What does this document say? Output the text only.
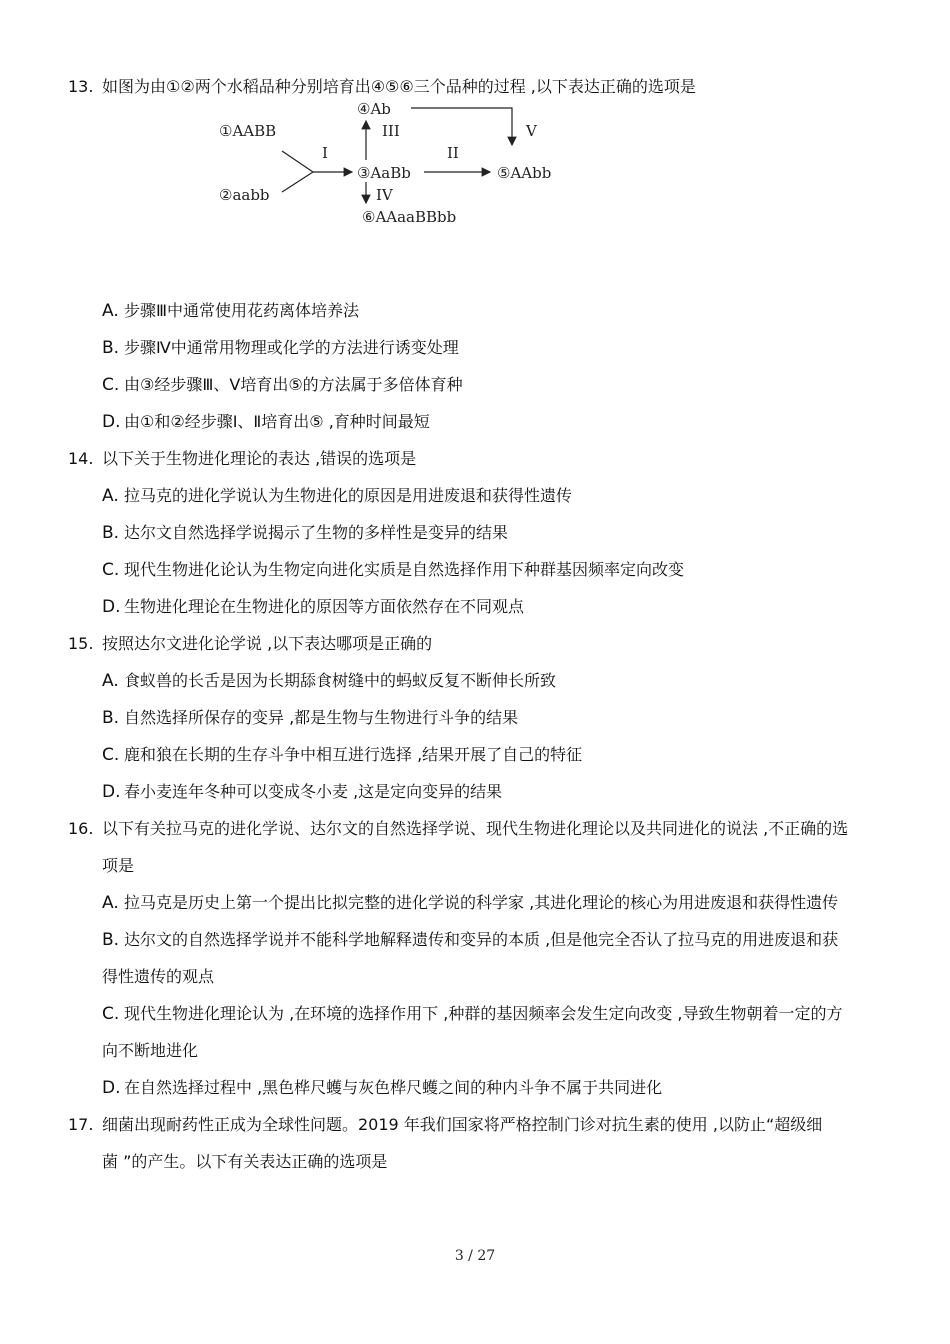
13. 如图为由①②两个水稻品种分别培育出④⑤⑥三个品种的过程 ,以下表达正确的选项是
①AABB
②aabb
③AaBb
④Ab
⑤AAbb
⑥AAaaBBbb
I	II
III
IV
V
A. 步骤Ⅲ中通常使用花药离体培养法
B. 步骤Ⅳ中通常用物理或化学的方法进行诱变处理
C. 由③经步骤Ⅲ、Ⅴ培育出⑤的方法属于多倍体育种
D. 由①和②经步骤Ⅰ、Ⅱ培育出⑤ ,育种时间最短
14. 以下关于生物进化理论的表达 ,错误的选项是
A. 拉马克的进化学说认为生物进化的原因是用进废退和获得性遗传
B. 达尔文自然选择学说揭示了生物的多样性是变异的结果
C. 现代生物进化论认为生物定向进化实质是自然选择作用下种群基因频率定向改变
D. 生物进化理论在生物进化的原因等方面依然存在不同观点
15. 按照达尔文进化论学说 ,以下表达哪项是正确的
A. 食蚁兽的长舌是因为长期舔食树缝中的蚂蚁反复不断伸长所致
B. 自然选择所保存的变异 ,都是生物与生物进行斗争的结果
C. 鹿和狼在长期的生存斗争中相互进行选择 ,结果开展了自己的特征
D. 春小麦连年冬种可以变成冬小麦 ,这是定向变异的结果
16. 以下有关拉马克的进化学说、达尔文的自然选择学说、现代生物进化理论以及共同进化的说法 ,不正确的选
项是
A. 拉马克是历史上第一个提出比拟完整的进化学说的科学家 ,其进化理论的核心为用进废退和获得性遗传
B. 达尔文的自然选择学说并不能科学地解释遗传和变异的本质 ,但是他完全否认了拉马克的用进废退和获
得性遗传的观点
C. 现代生物进化理论认为 ,在环境的选择作用下 ,种群的基因频率会发生定向改变 ,导致生物朝着一定的方
向不断地进化
D. 在自然选择过程中 ,黑色桦尺蠖与灰色桦尺蠖之间的种内斗争不属于共同进化
17. 细菌出现耐药性正成为全球性问题。2019 年我们国家将严格控制门诊对抗生素的使用 ,以防止“超级细
菌 ”的产生。以下有关表达正确的选项是
3 / 27
